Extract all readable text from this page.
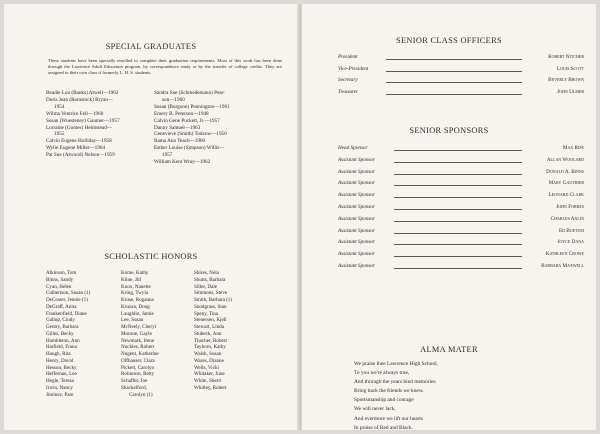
SPECIAL GRADUATES
These students have been specially enrolled to complete their graduation requirements. Most of this work has been done through the Lawrence Adult Education program, by correspondence study or by the transfer of college credits. They are assigned to their own class if formerly L. H. S. students.
Beadie Lou (Banks) Atwell—1962
Doris Jean (Romstock) Bryan—
1954
Wilma Ventrice Fell—1960
Susan (Wuesteney) Gaumer—1957
Lorraine (Gomes) Heimstead—
1955
Calvin Eugene Holliday—1958
Wylie Eugene Miller—1964
Pat Sue (Atwood) Nelson—1959
Sandra Sue (Schmedemann) Pear-
son—1960
Susan (Burgoon) Pennington—1961
Emery B. Peterson—1948
Calvin Gene Puckett, Jr.—1957
Danny Samuel—1963
Genevieve (Smith) Todzow—1950
Rama Ann Teach—1960
Esther Louise (Simpson) Willis—
1957
William Kent Wray—1962
SCHOLASTIC HONORS
Alkinson, Tom
Binns, Sandy
Cyan, Helen
Culbertson, Susan (1)
DeCoster, Jennie (1)
DeGraff, Anita
Frankenfield, Diane
Gallup, Cindy
Gentry, Barbara
Gilles, Becky
Hambleton, Ann
Hatfield, Frana
Haugh, Rita
Henry, David
Hesson, Becky
Heffernan, Lee
Hegle, Teresa
Irwin, Nancy
Jiminez, Pam
Kome, Kathy
Kline, Jill
Knox, Nanette
Kring, Twyla
Kruse, Roganna
Kruzan, Doug
Laughlin, Jamie
Lee, Susan
McNeely, Cheryl
Monroe, Gayle
Newmark, Irene
Nuckles, Robert
Nugent, Katherine
Offhauser, Clara
Pickett, Carolyn
Robinson, Betty
Schaffer, Joe
Shackelford,
Carolyn (1)
Shires, Nela
Shutts, Barbara
Siller, Dale
Simmons, Steve
Smith, Barbara (1)
Snodgrass, Stan
Speny, Tina
Stenersen, Kjell
Stewart, Linda
Stubeck, Ann
Thacher, Robert
Tayborn, Kathy
Walsh, Susan
Wares, Dianne
Wells, Vicki
Whitaker, June
White, Sherri
Whitley, Robert
SENIOR CLASS OFFICERS
President	Robert Nitcher
Vice-President	Louis Scott
Secretary	Beverly Brown
Treasurer	John Ulmer
SENIOR SPONSORS
Head Sponsor	Max Rife
Assistant Sponsor	Allan Woolard
Assistant Sponsor	Donald A. Binns
Assistant Sponsor	Mary Gauthier
Assistant Sponsor	Leonard Clark
Assistant Sponsor	John Forbes
Assistant Sponsor	Charles Axlin
Assistant Sponsor	Ed Buetum
Assistant Sponsor	Joyce Dana
Assistant Sponsor	Kathleen Crowe
Assistant Sponsor	Barbara Maxwell
ALMA MATER
We praise thee Lawrence High School,
To you we're always true,
And through the years bind memories
Bring back the friends we knew.
Sportsmanship and courage
We will never lack,
And evermore we lift our hearts
In praise of Red and Black.
